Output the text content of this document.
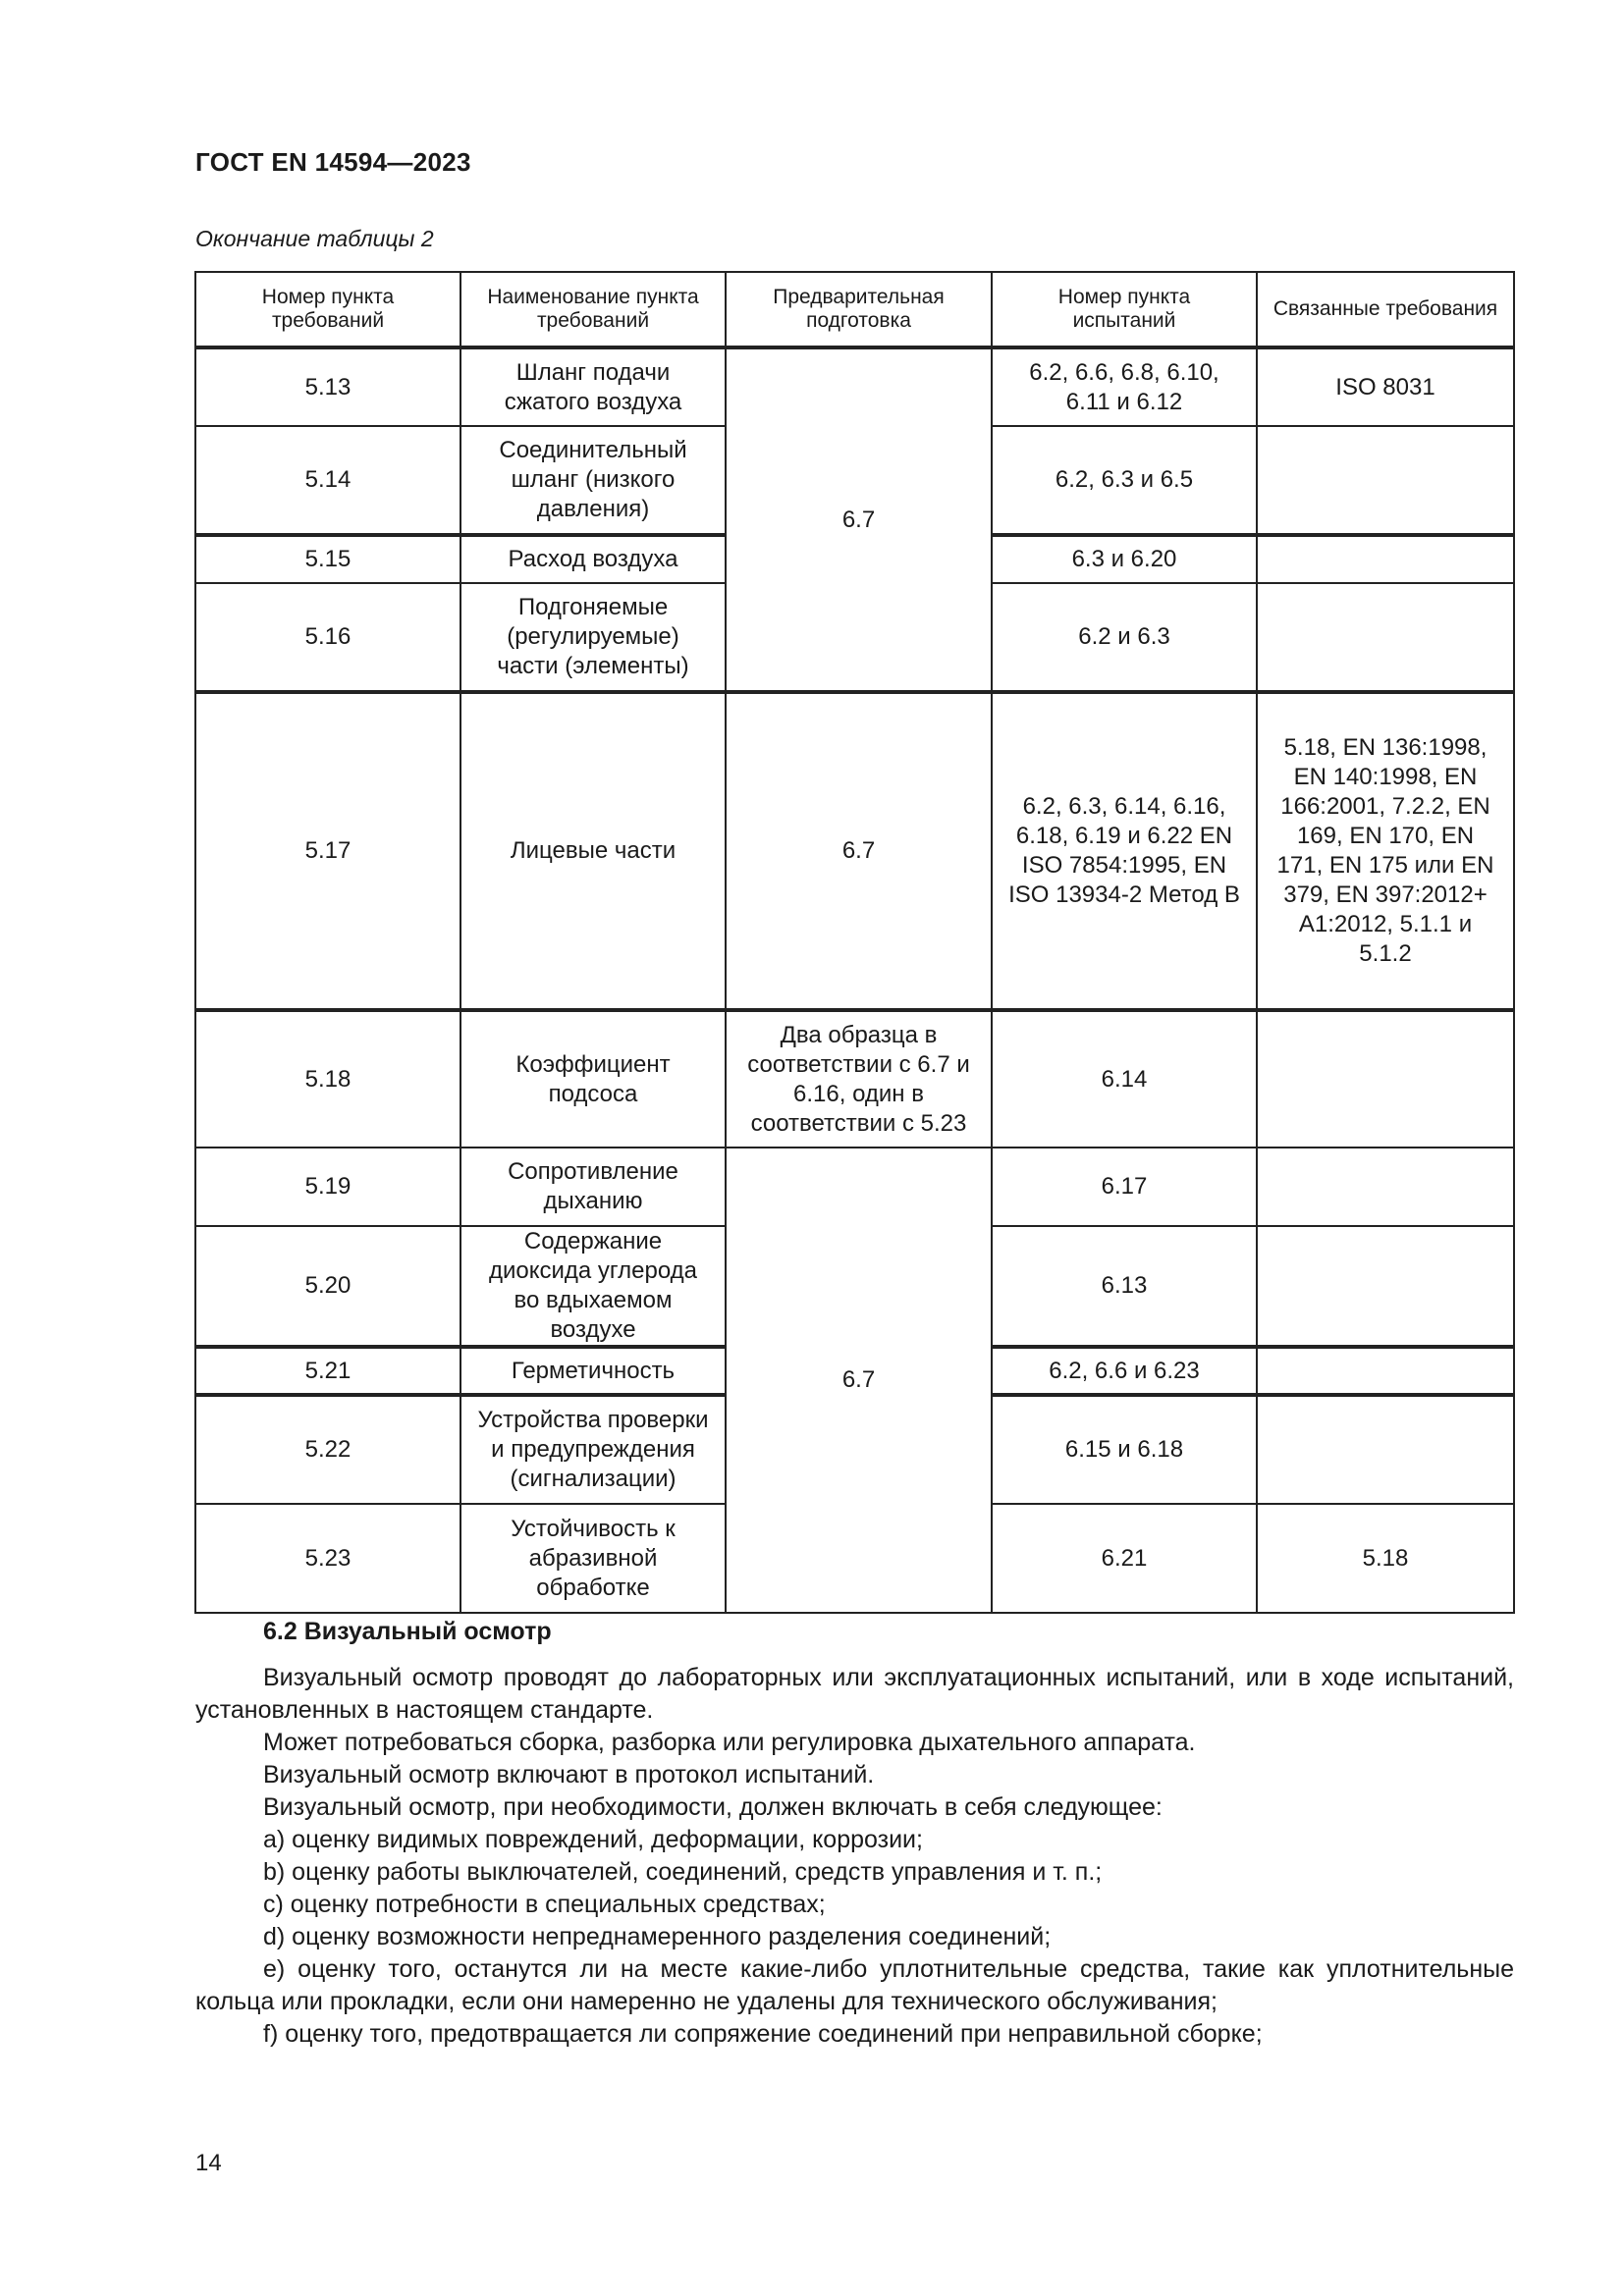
ГОСТ EN 14594—2023
Окончание таблицы 2
Номер пункта требований	Наименование пункта требований	Предварительная подготовка	Номер пункта испытаний	Связанные требования
5.13	Шланг подачи сжатого воздуха	6.7	6.2, 6.6, 6.8, 6.10, 6.11 и 6.12	ISO 8031
5.14	Соединительный шланг (низкого давления)		6.2, 6.3 и 6.5	
5.15	Расход воздуха		6.3 и 6.20	
5.16	Подгоняемые (регулируемые) части (элементы)		6.2 и 6.3	
5.17	Лицевые части	6.7	6.2, 6.3, 6.14, 6.16, 6.18, 6.19 и 6.22 EN ISO 7854:1995, EN ISO 13934-2 Метод B	5.18, EN 136:1998, EN 140:1998, EN 166:2001, 7.2.2, EN 169, EN 170, EN 171, EN 175 или EN 379, EN 397:2012+ A1:2012, 5.1.1 и 5.1.2
5.18	Коэффициент подсоса	Два образца в соответствии с 6.7 и 6.16, один в соответствии с 5.23	6.14	
5.19	Сопротивление дыханию	6.7	6.17	
5.20	Содержание диоксида углерода во вдыхаемом воздухе		6.13	
5.21	Герметичность		6.2, 6.6 и 6.23	
5.22	Устройства проверки и предупреждения (сигнализации)		6.15 и 6.18	
5.23	Устойчивость к абразивной обработке		6.21	5.18
6.2 Визуальный осмотр

Визуальный осмотр проводят до лабораторных или эксплуатационных испытаний, или в ходе испытаний, установленных в настоящем стандарте.

Может потребоваться сборка, разборка или регулировка дыхательного аппарата.

Визуальный осмотр включают в протокол испытаний.

Визуальный осмотр, при необходимости, должен включать в себя следующее:

a) оценку видимых повреждений, деформации, коррозии;

b) оценку работы выключателей, соединений, средств управления и т. п.;

c) оценку потребности в специальных средствах;

d) оценку возможности непреднамеренного разделения соединений;

e) оценку того, останутся ли на месте какие-либо уплотнительные средства, такие как уплотнительные кольца или прокладки, если они намеренно не удалены для технического обслуживания;

f) оценку того, предотвращается ли сопряжение соединений при неправильной сборке;

14
